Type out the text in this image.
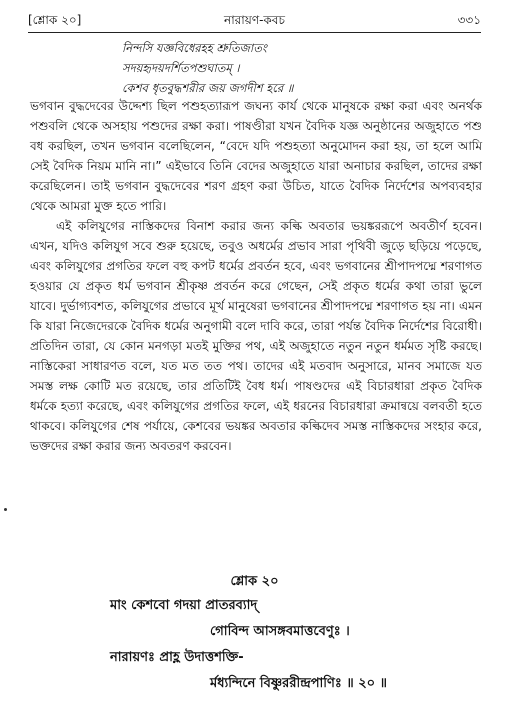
[শ্লোক ২০]	নারায়ণ-কবচ	৩৩১
নিন্দসি যজ্ঞবিধেরহহ শ্রুতিজাতং
সদয়হৃদয়দর্শিতপশুঘাতম্ ।
কেশব ধৃতবুদ্ধশরীর জয় জগদীশ হরে ॥

ভগবান বুদ্ধদেবের উদ্দেশ্য ছিল পশুহত্যারূপ জঘন্য কার্য থেকে মানুষকে রক্ষা করা এবং অনর্থক পশুবলি থেকে অসহায় পশুদের রক্ষা করা। পাষণ্ডীরা যখন বৈদিক যজ্ঞ অনুষ্ঠানের অজুহাতে পশু বধ করছিল, তখন ভগবান বলেছিলেন, “বেদে যদি পশুহত্যা অনুমোদন করা হয়, তা হলে আমি সেই বৈদিক নিয়ম মানি না।” এইভাবে তিনি বেদের অজুহাতে যারা অনাচার করছিল, তাদের রক্ষা করেছিলেন। তাই ভগবান বুদ্ধদেবের শরণ গ্রহণ করা উচিত, যাতে বৈদিক নির্দেশের অপব্যবহার থেকে আমরা মুক্ত হতে পারি।

এই কলিযুগের নাস্তিকদের বিনাশ করার জন্য কল্কি অবতার ভয়ঙ্কররূপে অবতীর্ণ হবেন। এখন, যদিও কলিযুগ সবে শুরু হয়েছে, তবুও অধর্মের প্রভাব সারা পৃথিবী জুড়ে ছড়িয়ে পড়েছে, এবং কলিযুগের প্রগতির ফলে বহু কপট ধর্মের প্রবর্তন হবে, এবং ভগবানের শ্রীপাদপদ্মে শরণাগত হওয়ার যে প্রকৃত ধর্ম ভগবান শ্রীকৃষ্ণ প্রবর্তন করে গেছেন, সেই প্রকৃত ধর্মের কথা তারা ভুলে যাবে। দুর্ভাগ্যবশত, কলিযুগের প্রভাবে মূর্খ মানুষেরা ভগবানের শ্রীপাদপদ্মে শরণাগত হয় না। এমন কি যারা নিজেদেরকে বৈদিক ধর্মের অনুগামী বলে দাবি করে, তারা পর্যন্ত বৈদিক নির্দেশের বিরোধী। প্রতিদিন তারা, যে কোন মনগড়া মতই মুক্তির পথ, এই অজুহাতে নতুন নতুন ধর্মমত সৃষ্টি করছে। নাস্তিকেরা সাধারণত বলে, যত মত তত পথ। তাদের এই মতবাদ অনুসারে, মানব সমাজে যত সমস্ত লক্ষ কোটি মত রয়েছে, তার প্রতিটিই বৈধ ধর্ম। পাষণ্ডদের এই বিচারধারা প্রকৃত বৈদিক ধর্মকে হত্যা করেছে, এবং কলিযুগের প্রগতির ফলে, এই ধরনের বিচারধারা ক্রমান্বয়ে বলবতী হতে থাকবে। কলিযুগের শেষ পর্যায়ে, কেশবের ভয়ঙ্কর অবতার কল্কিদেব সমস্ত নাস্তিকদের সংহার করে, ভক্তদের রক্ষা করার জন্য অবতরণ করবেন।

শ্লোক ২০
মাং কেশবো গদয়া প্রাতরব্যাদ্
গোবিন্দ আসঙ্গবমাত্তবেণুঃ ।
নারায়ণঃ প্রাহ্ণ উদাত্তশক্তি-
র্মধ্যন্দিনে বিষ্ণুররীন্দ্রপাণিঃ ॥ ২০ ॥
